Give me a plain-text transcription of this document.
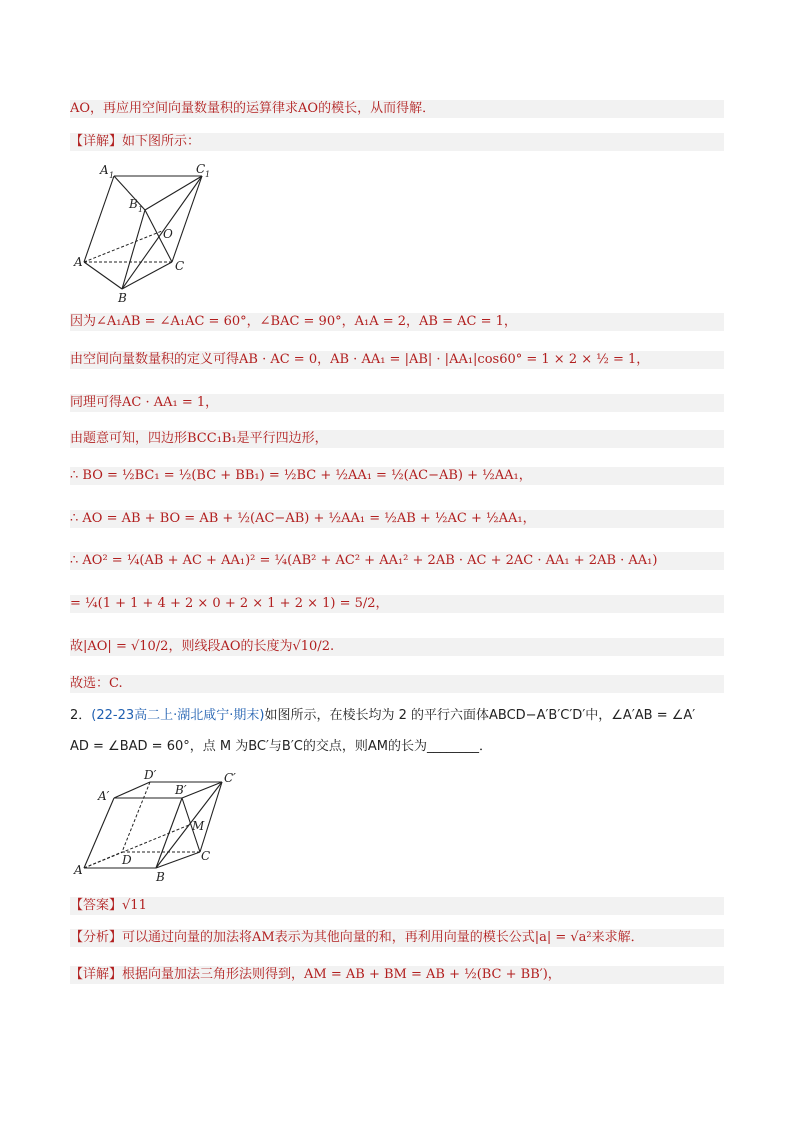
AO，再应用空间向量数量积的运算律求AO的模长，从而得解．
【详解】如下图所示：
A 1	C 1
B 1
O
A	C
B
因为∠A₁AB = ∠A₁AC = 60°，∠BAC = 90°，A₁A = 2，AB = AC = 1，
由空间向量数量积的定义可得AB · AC = 0，AB · AA₁ = |AB| · |AA₁|cos60° = 1 × 2 × ½ = 1，
同理可得AC · AA₁ = 1，
由题意可知，四边形BCC₁B₁是平行四边形，
∴ BO = ½BC₁ = ½(BC + BB₁) = ½BC + ½AA₁ = ½(AC−AB) + ½AA₁，
∴ AO = AB + BO = AB + ½(AC−AB) + ½AA₁ = ½AB + ½AC + ½AA₁，
∴ AO² = ¼(AB + AC + AA₁)² = ¼(AB² + AC² + AA₁² + 2AB · AC + 2AC · AA₁ + 2AB · AA₁)
= ¼(1 + 1 + 4 + 2 × 0 + 2 × 1 + 2 × 1) = 5/2，
故|AO| = √10/2，则线段AO的长度为√10/2.
故选：C.
2．(22-23高二上·湖北咸宁·期末)如图所示，在棱长均为 2 的平行六面体ABCD−A′B′C′D′中，∠A′AB = ∠A′
AD = ∠BAD = 60°，点 M 为BC′与B′C的交点，则AM的长为________．
D′	C′
A′	B′
M
D	C
A	B
【答案】√11
【分析】可以通过向量的加法将AM表示为其他向量的和，再利用向量的模长公式|a| = √a²来求解．
【详解】根据向量加法三角形法则得到，AM = AB + BM = AB + ½(BC + BB′)，
